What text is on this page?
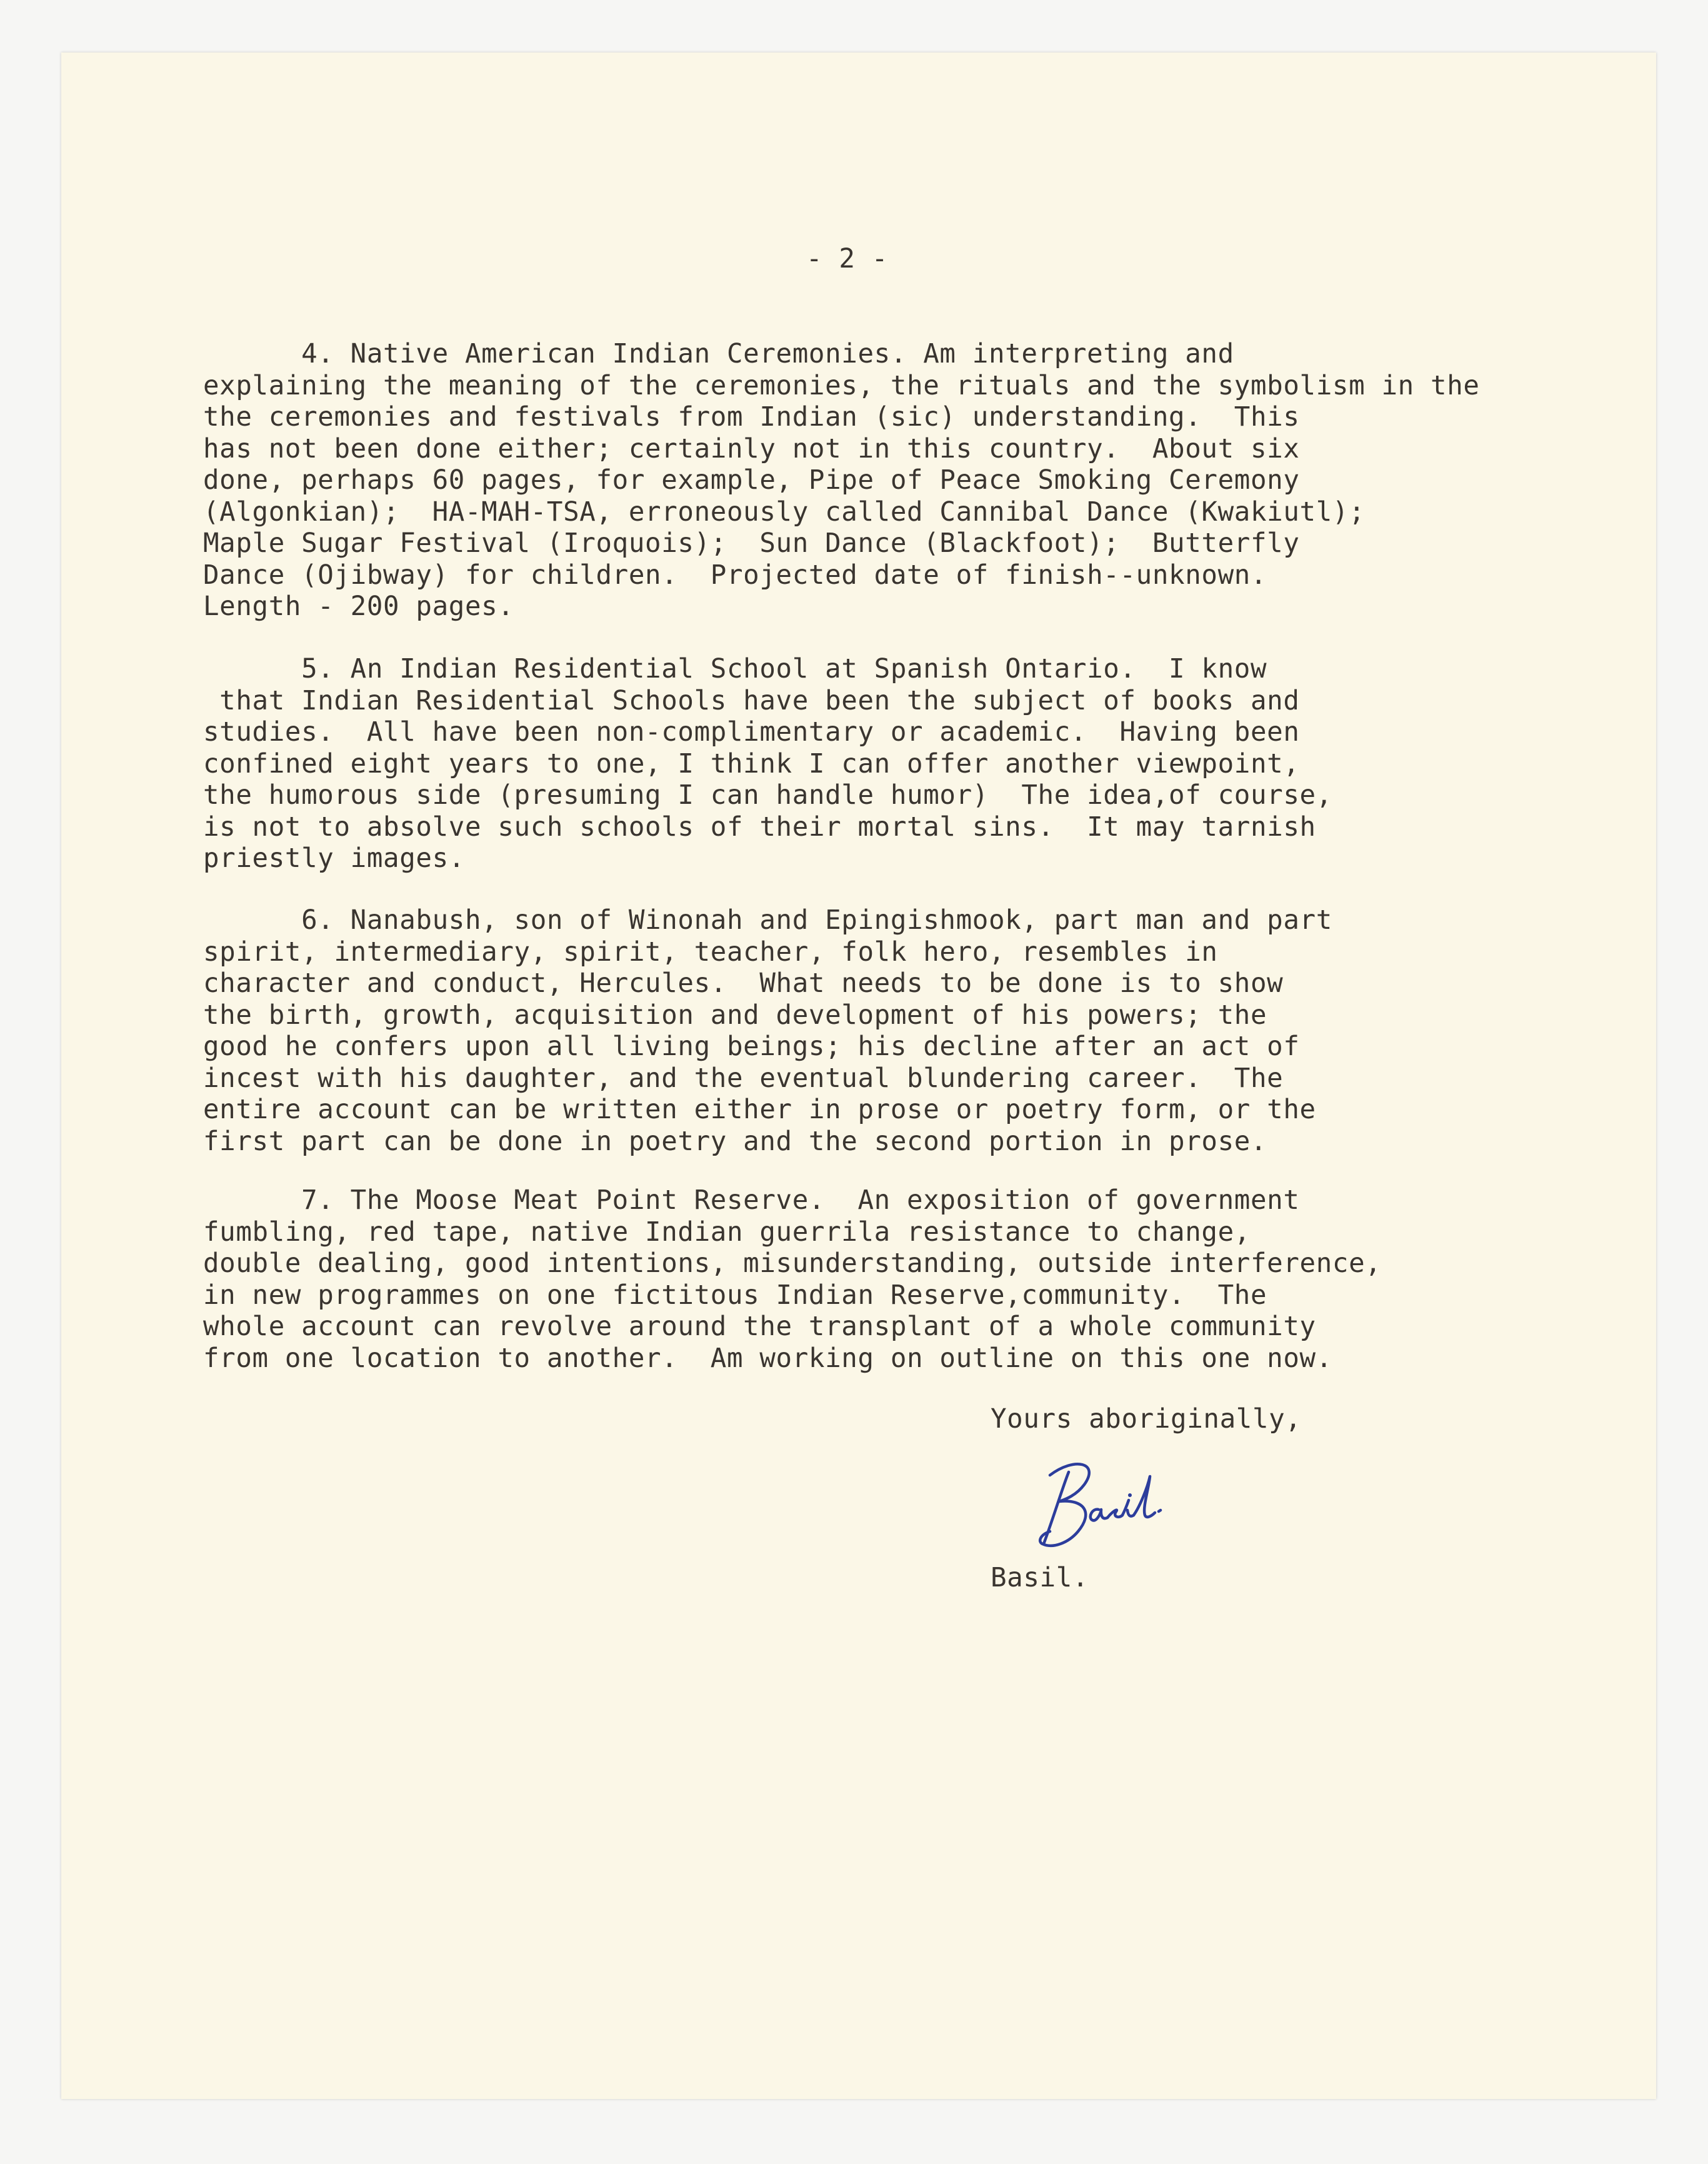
- 2 -
4. Native American Indian Ceremonies. Am interpreting and
explaining the meaning of the ceremonies, the rituals and the symbolism in the
the ceremonies and festivals from Indian (sic) understanding.  This
has not been done either; certainly not in this country.  About six
done, perhaps 60 pages, for example, Pipe of Peace Smoking Ceremony
(Algonkian);  HA-MAH-TSA, erroneously called Cannibal Dance (Kwakiutl);
Maple Sugar Festival (Iroquois);  Sun Dance (Blackfoot);  Butterfly
Dance (Ojibway) for children.  Projected date of finish--unknown.
Length - 200 pages.
5. An Indian Residential School at Spanish Ontario.  I know
that Indian Residential Schools have been the subject of books and
studies.  All have been non-complimentary or academic.  Having been
confined eight years to one, I think I can offer another viewpoint,
the humorous side (presuming I can handle humor)  The idea,of course,
is not to absolve such schools of their mortal sins.  It may tarnish
priestly images.
6. Nanabush, son of Winonah and Epingishmook, part man and part
spirit, intermediary, spirit, teacher, folk hero, resembles in
character and conduct, Hercules.  What needs to be done is to show
the birth, growth, acquisition and development of his powers; the
good he confers upon all living beings; his decline after an act of
incest with his daughter, and the eventual blundering career.  The
entire account can be written either in prose or poetry form, or the
first part can be done in poetry and the second portion in prose.
7. The Moose Meat Point Reserve.  An exposition of government
fumbling, red tape, native Indian guerrila resistance to change,
double dealing, good intentions, misunderstanding, outside interference,
in new programmes on one fictitous Indian Reserve,community.  The
whole account can revolve around the transplant of a whole community
from one location to another.  Am working on outline on this one now.
Yours aboriginally,
Basil.
